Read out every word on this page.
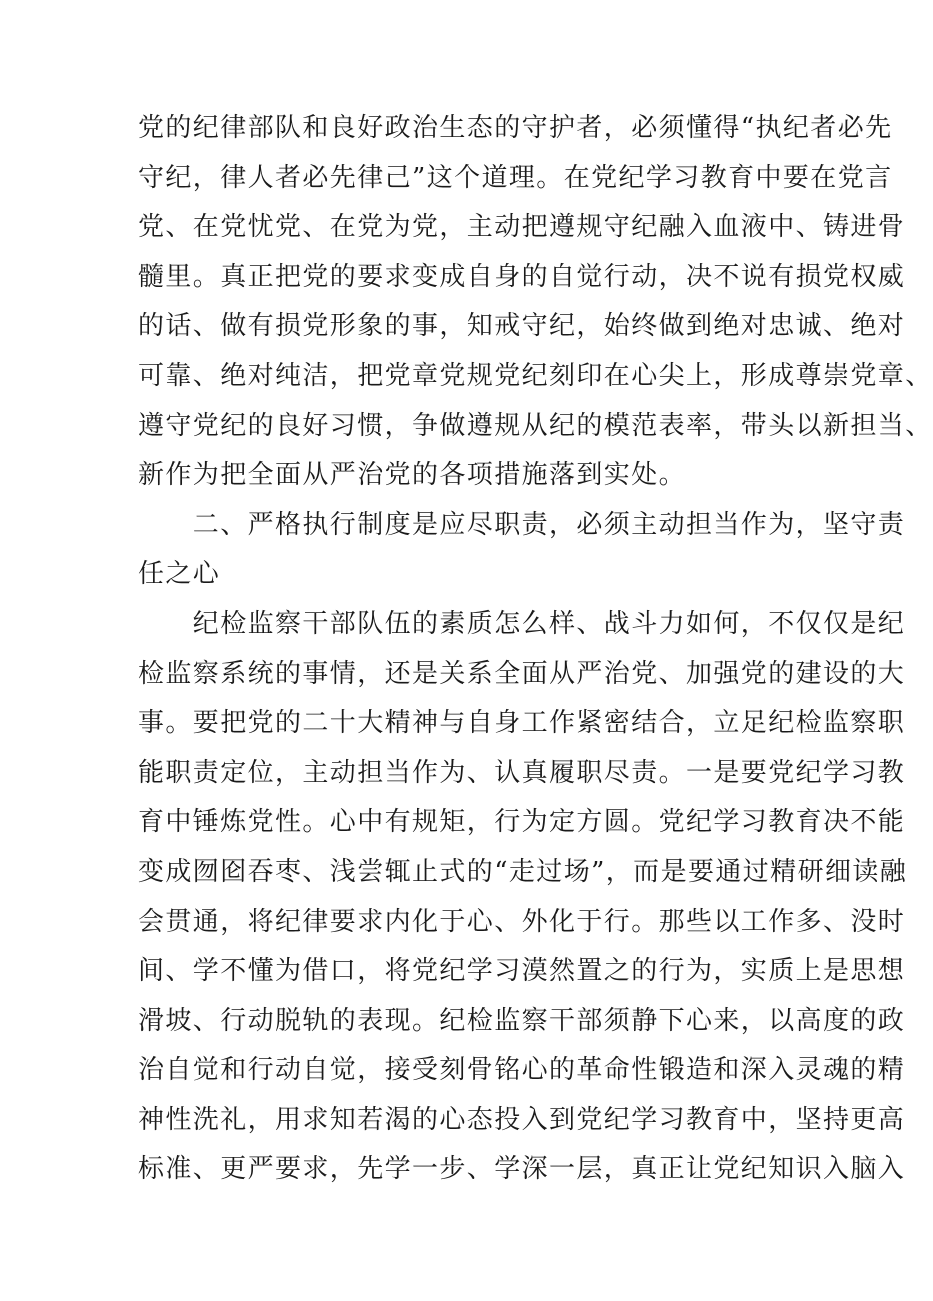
党的纪律部队和良好政治生态的守护者，必须懂得“执纪者必先
守纪，律人者必先律己”这个道理。在党纪学习教育中要在党言
党、在党忧党、在党为党，主动把遵规守纪融入血液中、铸进骨
髓里。真正把党的要求变成自身的自觉行动，决不说有损党权威
的话、做有损党形象的事，知戒守纪，始终做到绝对忠诚、绝对
可靠、绝对纯洁，把党章党规党纪刻印在心尖上，形成尊崇党章、
遵守党纪的良好习惯，争做遵规从纪的模范表率，带头以新担当、
新作为把全面从严治党的各项措施落到实处。
　　二、严格执行制度是应尽职责，必须主动担当作为，坚守责
任之心
　　纪检监察干部队伍的素质怎么样、战斗力如何，不仅仅是纪
检监察系统的事情，还是关系全面从严治党、加强党的建设的大
事。要把党的二十大精神与自身工作紧密结合，立足纪检监察职
能职责定位，主动担当作为、认真履职尽责。一是要党纪学习教
育中锤炼党性。心中有规矩，行为定方圆。党纪学习教育决不能
变成囫囵吞枣、浅尝辄止式的“走过场”，而是要通过精研细读融
会贯通，将纪律要求内化于心、外化于行。那些以工作多、没时
间、学不懂为借口，将党纪学习漠然置之的行为，实质上是思想
滑坡、行动脱轨的表现。纪检监察干部须静下心来，以高度的政
治自觉和行动自觉，接受刻骨铭心的革命性锻造和深入灵魂的精
神性洗礼，用求知若渴的心态投入到党纪学习教育中，坚持更高
标准、更严要求，先学一步、学深一层，真正让党纪知识入脑入
